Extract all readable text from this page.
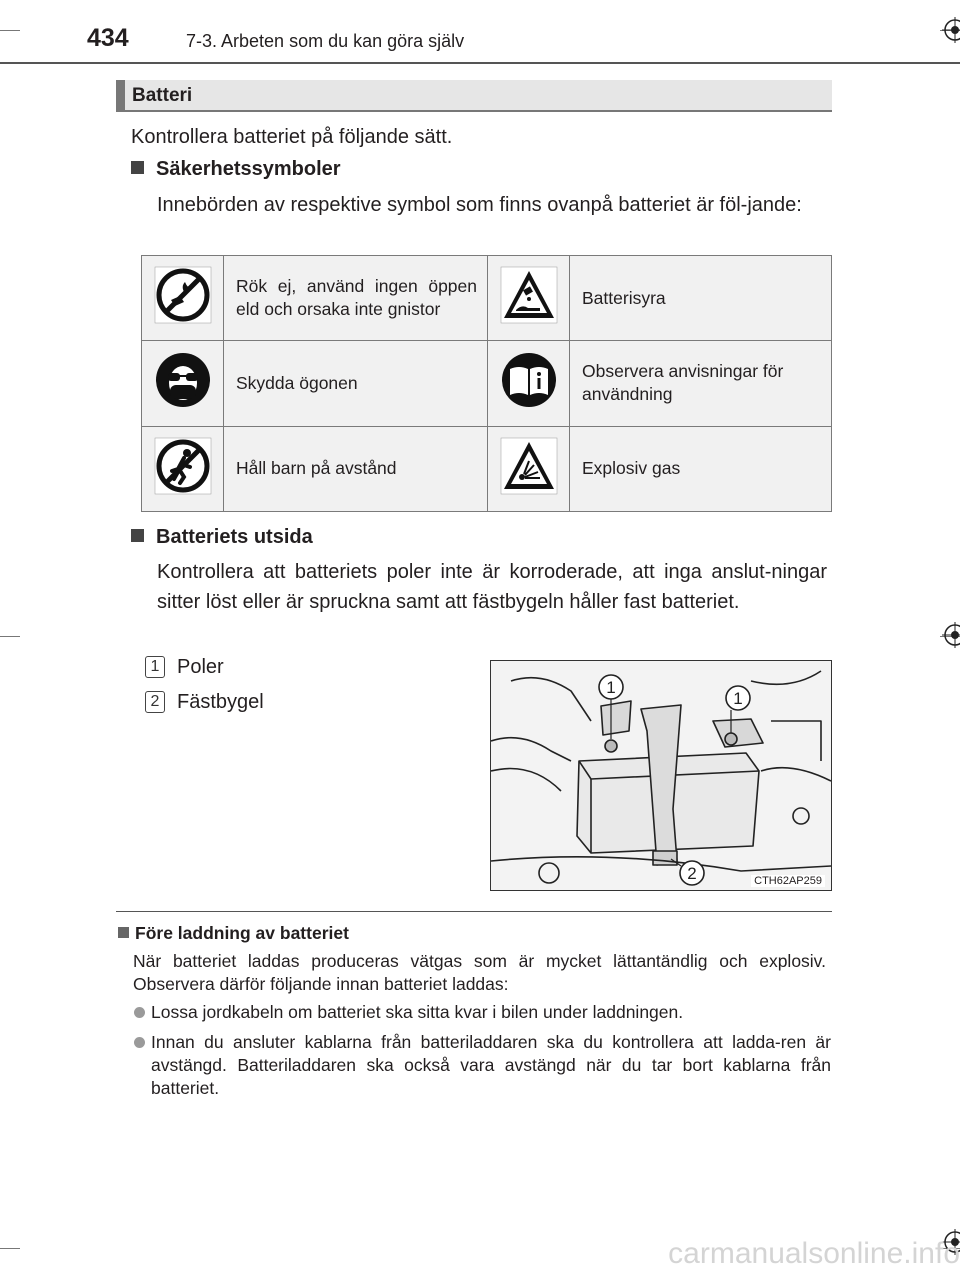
434	7-3. Arbeten som du kan göra själv
Batteri
Kontrollera batteriet på följande sätt.
Säkerhetssymboler
Innebörden av respektive symbol som finns ovanpå batteriet är föl-jande:
	Rök ej, använd ingen öppen eld och orsaka inte gnistor		Batterisyra
	Skydda ögonen		Observera anvisningar för användning
	Håll barn på avstånd		Explosiv gas
Batteriets utsida
Kontrollera att batteriets poler inte är korroderade, att inga anslut-ningar sitter löst eller är spruckna samt att fästbygeln håller fast batteriet.
1 Poler
2 Fästbygel
1
1
2	CTH62AP259
Före laddning av batteriet
När batteriet laddas produceras vätgas som är mycket lättantändlig och explosiv. Observera därför följande innan batteriet laddas:
Lossa jordkabeln om batteriet ska sitta kvar i bilen under laddningen.
Innan du ansluter kablarna från batteriladdaren ska du kontrollera att ladda-ren är avstängd. Batteriladdaren ska också vara avstängd när du tar bort kablarna från batteriet.
carmanualsonline.info
